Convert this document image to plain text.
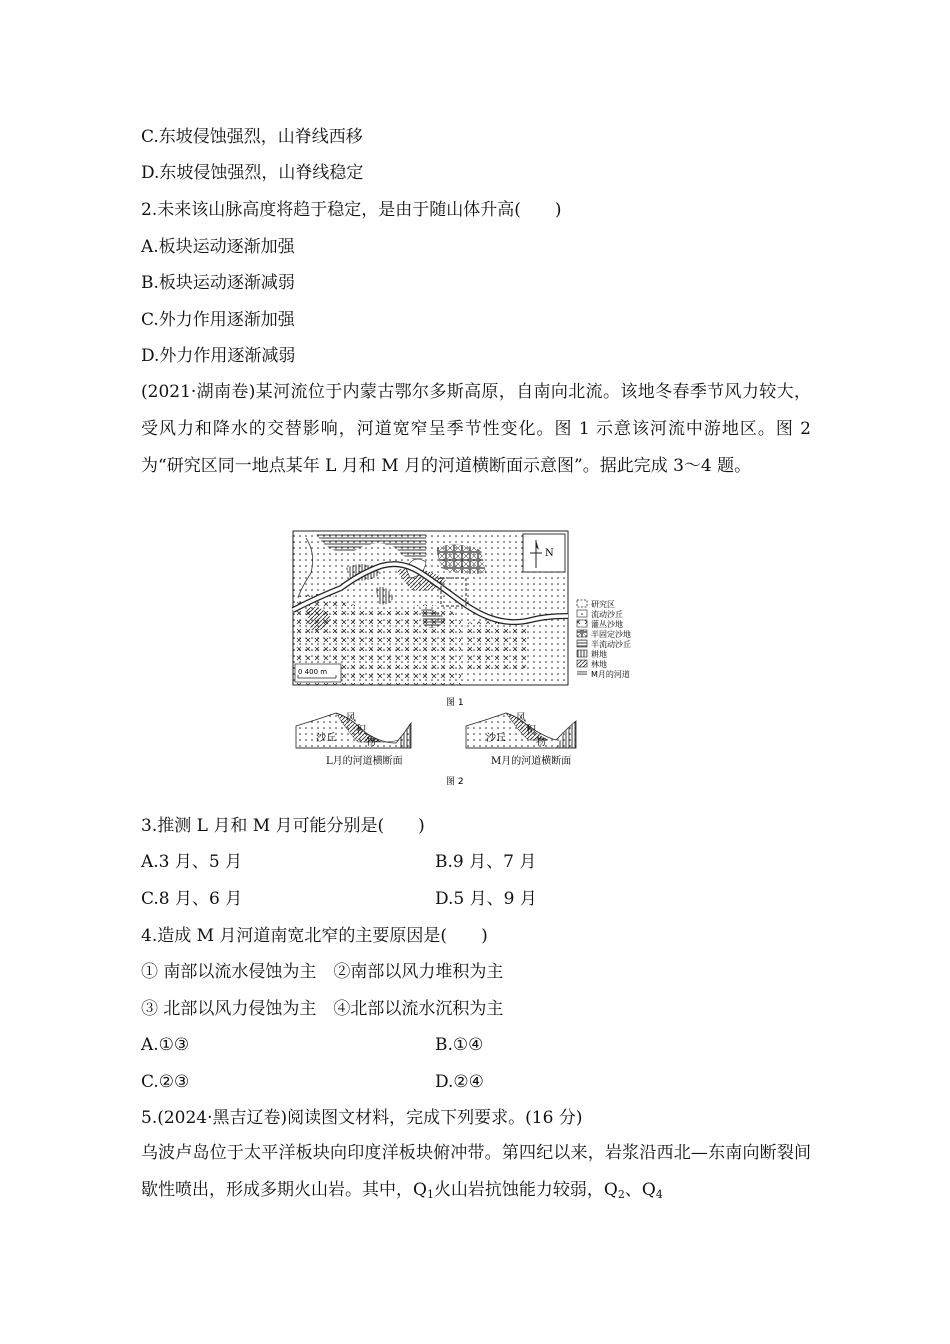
C.东坡侵蚀强烈，山脊线西移
D.东坡侵蚀强烈，山脊线稳定
2.未来该山脉高度将趋于稳定，是由于随山体升高(　　)
A.板块运动逐渐加强
B.板块运动逐渐减弱
C.外力作用逐渐加强
D.外力作用逐渐减弱
(2021·湖南卷)某河流位于内蒙古鄂尔多斯高原，自南向北流。该地冬春季节风力较大，受风力和降水的交替影响，河道宽窄呈季节性变化。图 1 示意该河流中游地区。图 2 为“研究区同一地点某年 L 月和 M 月的河道横断面示意图”。据此完成 3～4 题。
N
0 400 m
研究区
流动沙丘
灌丛沙地
半固定沙地
半流动沙丘
耕地
林地
M月的河道
图 1
沙丘
风
积
物
L月的河道横断面
沙丘
风
积
物
M月的河道横断面
图 2
3.推测 L 月和 M 月可能分别是(　　)
A.3 月、5 月	B.9 月、7 月
C.8 月、6 月	D.5 月、9 月
4.造成 M 月河道南宽北窄的主要原因是(　　)
① 南部以流水侵蚀为主　②南部以风力堆积为主
③ 北部以风力侵蚀为主　④北部以流水沉积为主
A.①③	B.①④
C.②③	D.②④
5.(2024·黑吉辽卷)阅读图文材料，完成下列要求。(16 分)
乌波卢岛位于太平洋板块向印度洋板块俯冲带。第四纪以来，岩浆沿西北—东南向断裂间歇性喷出，形成多期火山岩。其中，$Q_1$火山岩抗蚀能力较弱，$Q_2$、$Q_4$
